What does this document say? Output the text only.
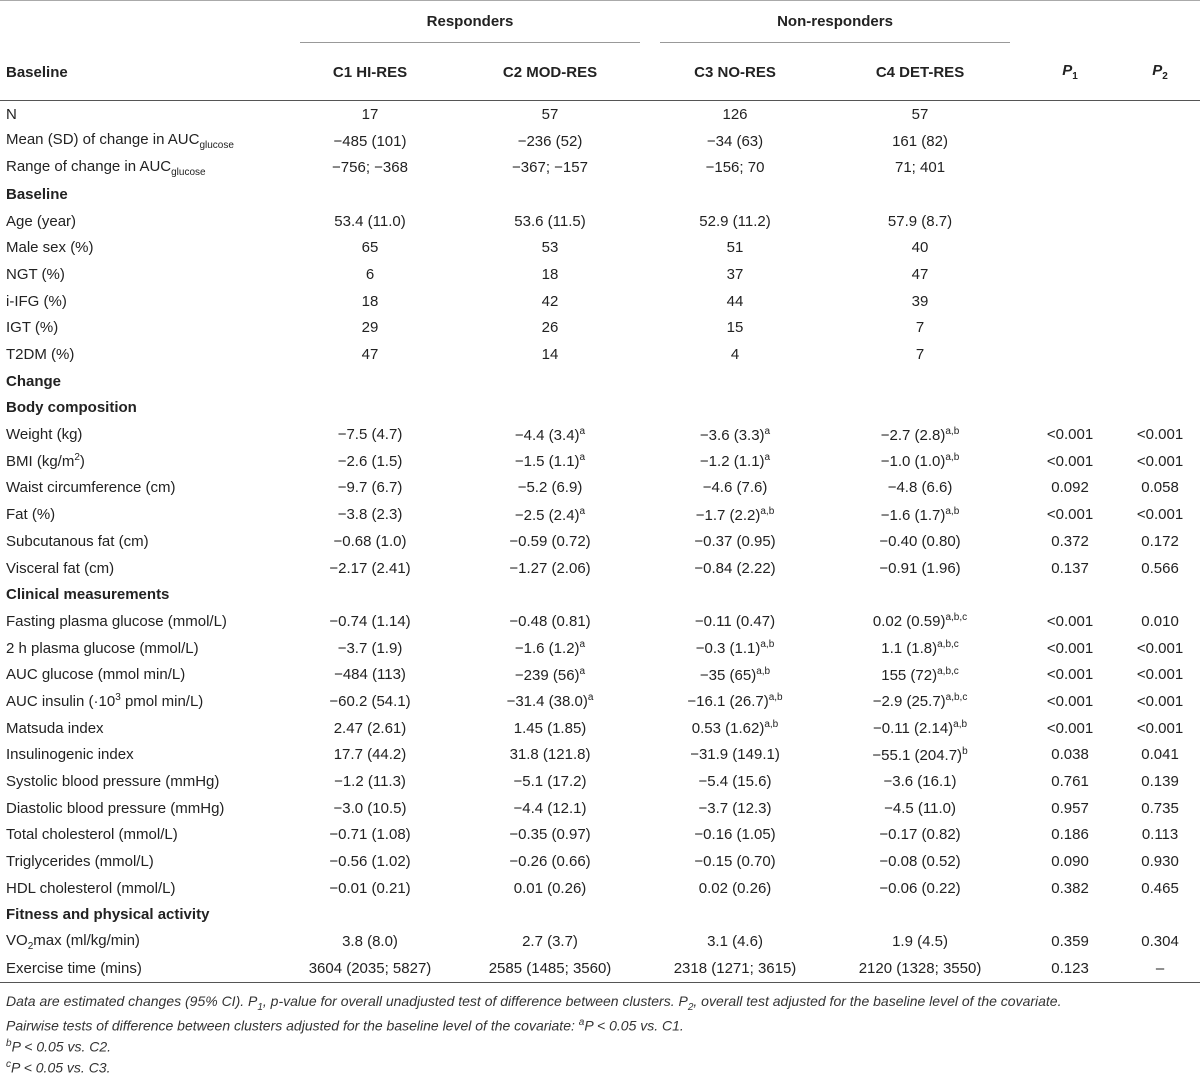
	Responders		Non-responders			

Baseline	C1 HI-RES	C2 MOD-RES	C3 NO-RES	C4 DET-RES	$P_1$	$P_2$
N	17	57	126	57		
Mean (SD) of change in $AUC_{glucose}$	−485 (101)	−236 (52)	−34 (63)	161 (82)		
Range of change in $AUC_{glucose}$	−756; −368	−367; −157	−156; 70	71; 401		
Baseline						
Age (year)	53.4 (11.0)	53.6 (11.5)	52.9 (11.2)	57.9 (8.7)		
Male sex (%)	65	53	51	40		
NGT (%)	6	18	37	47		
i-IFG (%)	18	42	44	39		
IGT (%)	29	26	15	7		
T2DM (%)	47	14	4	7		
Change						
Body composition						
Weight (kg)	−7.5 (4.7)	−4.4 $(3.4)^a$	−3.6 $(3.3)^a$	−2.7 $(2.8)^{a,b}$	<0.001	<0.001
BMI $(kg/m^2)$	−2.6 (1.5)	−1.5 $(1.1)^a$	−1.2 $(1.1)^a$	−1.0 $(1.0)^{a,b}$	<0.001	<0.001
Waist circumference (cm)	−9.7 (6.7)	−5.2 (6.9)	−4.6 (7.6)	−4.8 (6.6)	0.092	0.058
Fat (%)	−3.8 (2.3)	−2.5 $(2.4)^a$	−1.7 $(2.2)^{a,b}$	−1.6 $(1.7)^{a,b}$	<0.001	<0.001
Subcutanous fat (cm)	−0.68 (1.0)	−0.59 (0.72)	−0.37 (0.95)	−0.40 (0.80)	0.372	0.172
Visceral fat (cm)	−2.17 (2.41)	−1.27 (2.06)	−0.84 (2.22)	−0.91 (1.96)	0.137	0.566
Clinical measurements						
Fasting plasma glucose (mmol/L)	−0.74 (1.14)	−0.48 (0.81)	−0.11 (0.47)	0.02 $(0.59)^{a,b,c}$	<0.001	0.010
2 h plasma glucose (mmol/L)	−3.7 (1.9)	−1.6 $(1.2)^a$	−0.3 $(1.1)^{a,b}$	1.1 $(1.8)^{a,b,c}$	<0.001	<0.001
AUC glucose (mmol min/L)	−484 (113)	−239 $(56)^a$	−35 $(65)^{a,b}$	155 $(72)^{a,b,c}$	<0.001	<0.001
AUC insulin ($\cdot 10^3$ pmol min/L)	−60.2 (54.1)	−31.4 $(38.0)^a$	−16.1 $(26.7)^{a,b}$	−2.9 $(25.7)^{a,b,c}$	<0.001	<0.001
Matsuda index	2.47 (2.61)	1.45 (1.85)	0.53 $(1.62)^{a,b}$	−0.11 $(2.14)^{a,b}$	<0.001	<0.001
Insulinogenic index	17.7 (44.2)	31.8 (121.8)	−31.9 (149.1)	−55.1 $(204.7)^b$	0.038	0.041
Systolic blood pressure (mmHg)	−1.2 (11.3)	−5.1 (17.2)	−5.4 (15.6)	−3.6 (16.1)	0.761	0.139
Diastolic blood pressure (mmHg)	−3.0 (10.5)	−4.4 (12.1)	−3.7 (12.3)	−4.5 (11.0)	0.957	0.735
Total cholesterol (mmol/L)	−0.71 (1.08)	−0.35 (0.97)	−0.16 (1.05)	−0.17 (0.82)	0.186	0.113
Triglycerides (mmol/L)	−0.56 (1.02)	−0.26 (0.66)	−0.15 (0.70)	−0.08 (0.52)	0.090	0.930
HDL cholesterol (mmol/L)	−0.01 (0.21)	0.01 (0.26)	0.02 (0.26)	−0.06 (0.22)	0.382	0.465
Fitness and physical activity						
$VO_2\max$ (ml/kg/min)	3.8 (8.0)	2.7 (3.7)	3.1 (4.6)	1.9 (4.5)	0.359	0.304
Exercise time (mins)	3604 (2035; 5827)	2585 (1485; 3560)	2318 (1271; 3615)	2120 (1328; 3550)	0.123	–
Data are estimated changes (95% CI). $P_1$, p-value for overall unadjusted test of difference between clusters. $P_2$, overall test adjusted for the baseline level of the covariate.
Pairwise tests of difference between clusters adjusted for the baseline level of the covariate: $^a$P < 0.05 vs. C1.
$^b$P < 0.05 vs. C2.
$^c$P < 0.05 vs. C3.
